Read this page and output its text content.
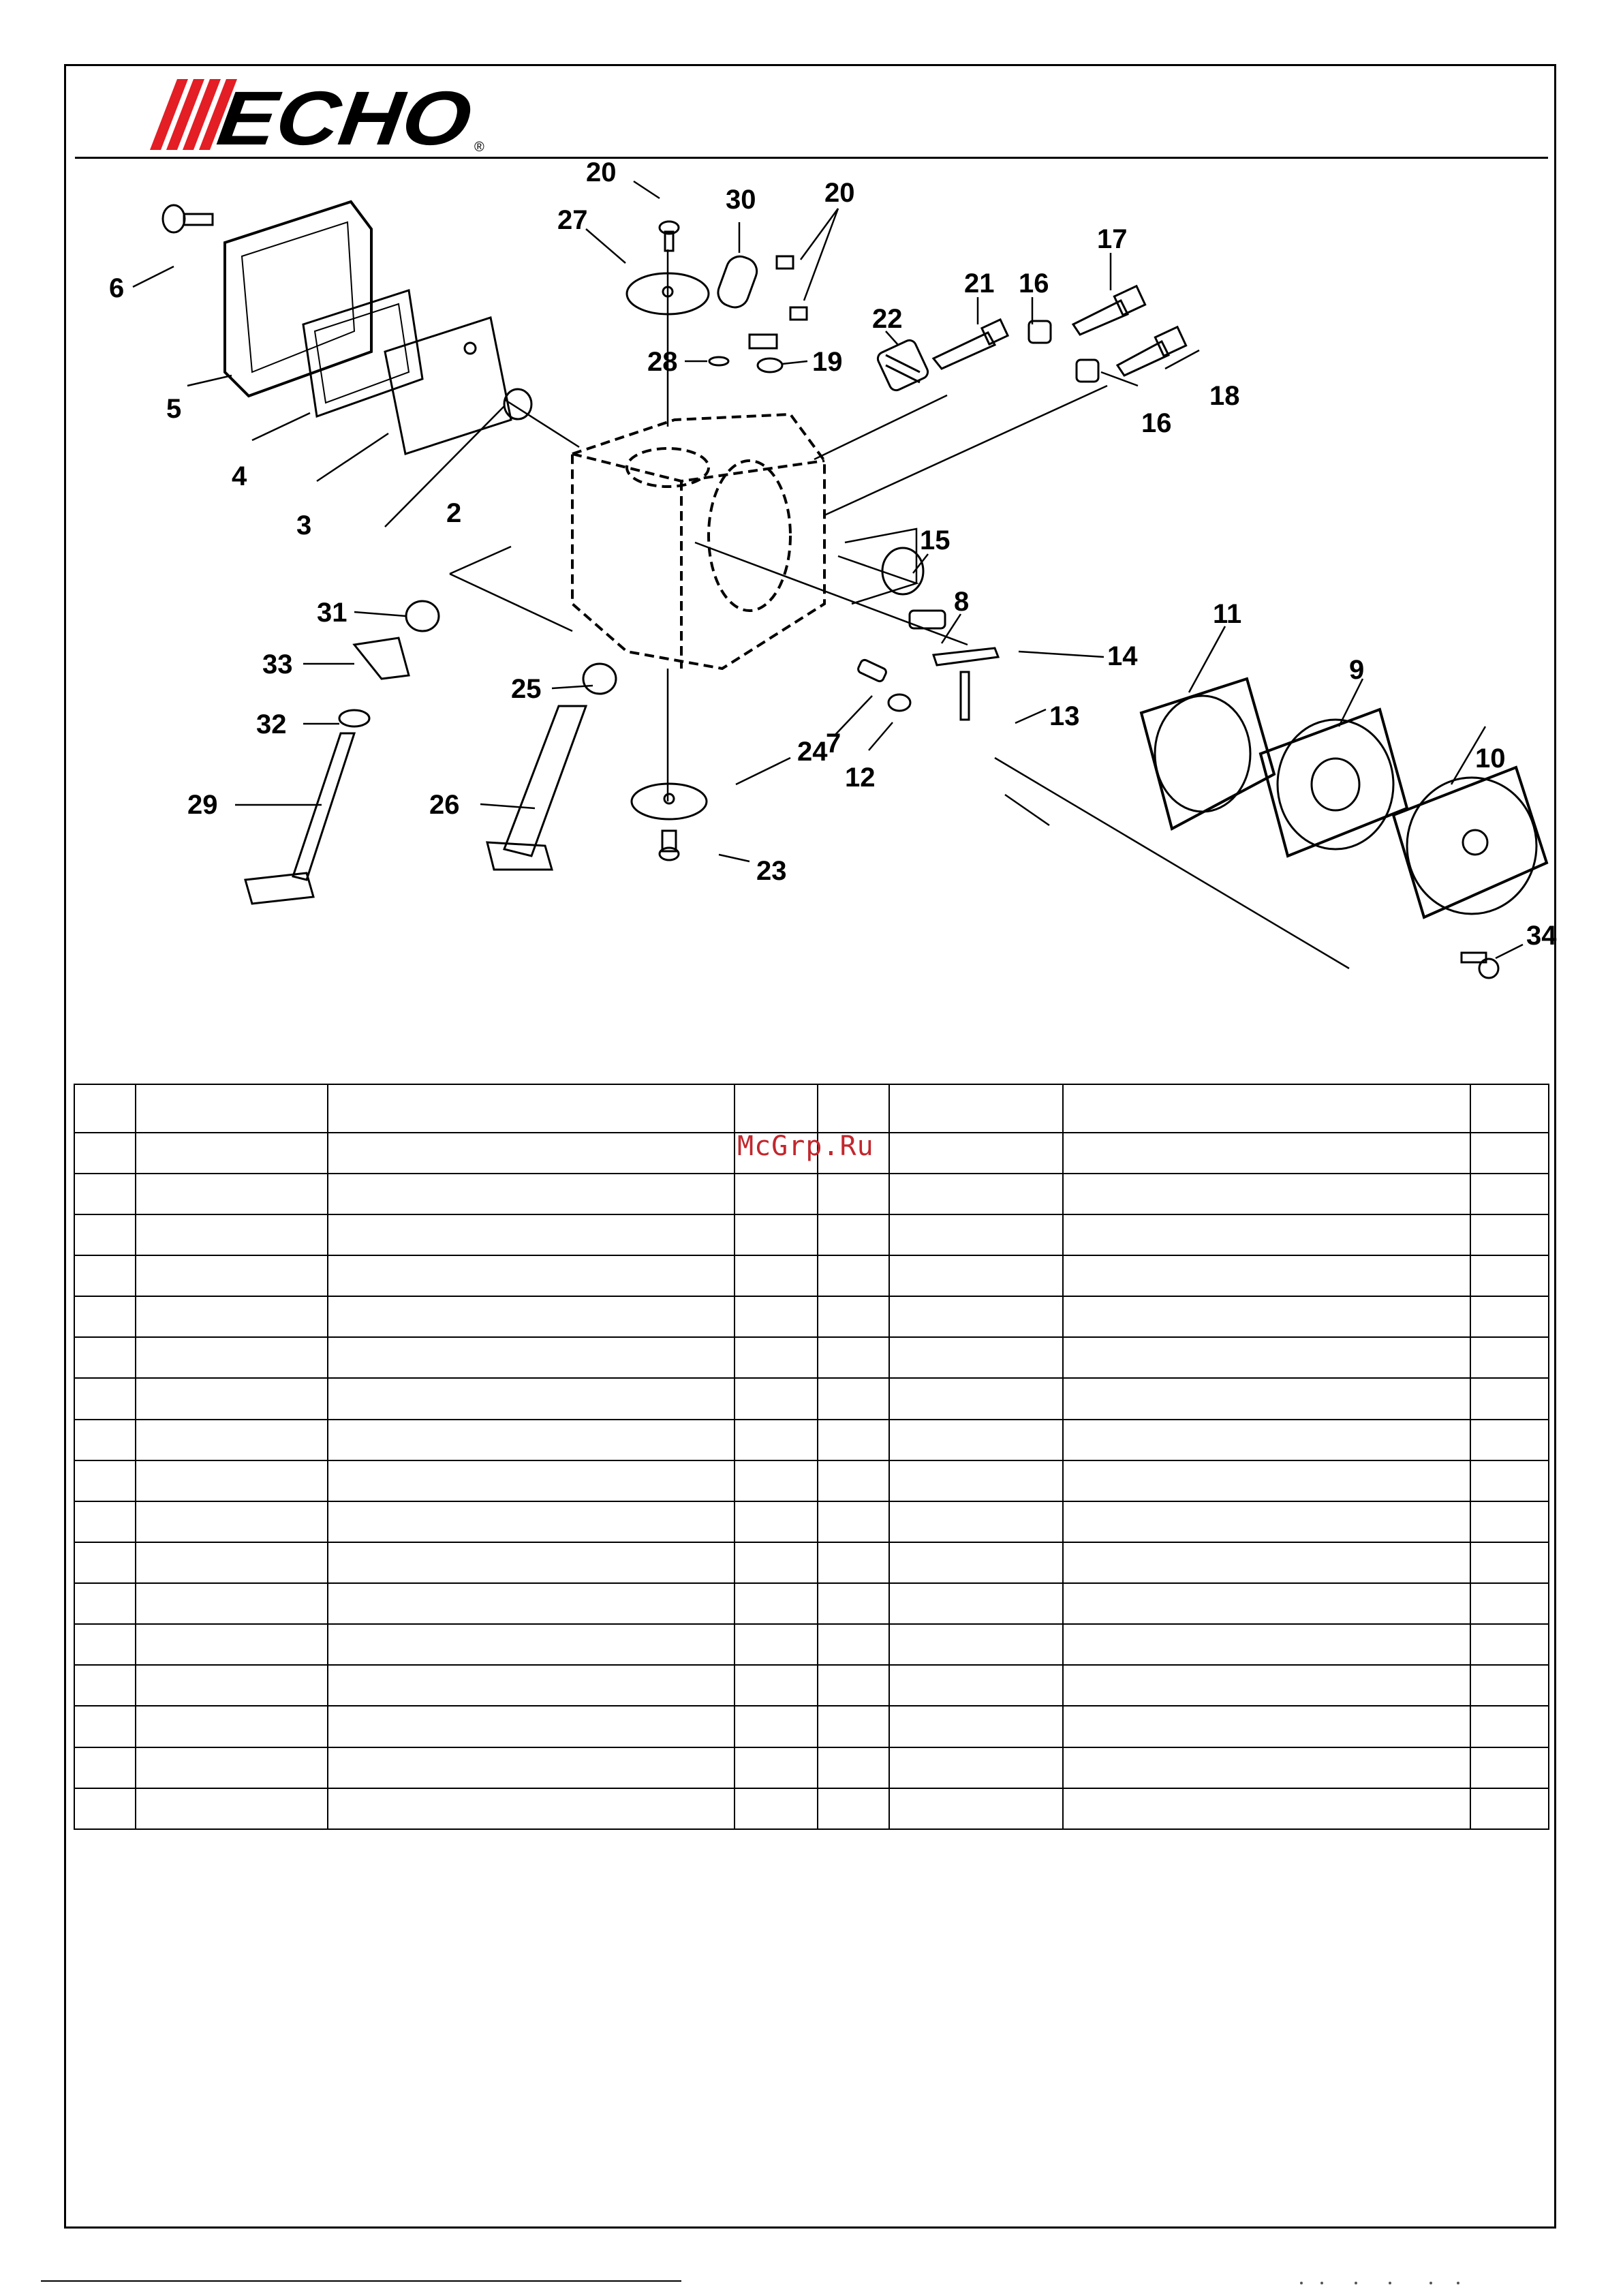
ECHO	®
20
27
30	20
17
6	21 16
22
19
28
18
5	16
4
3	2
15
31	8	11
14
33	9
25
32	13
7	10
24
12
29	26
23
34

McGrp.Ru
